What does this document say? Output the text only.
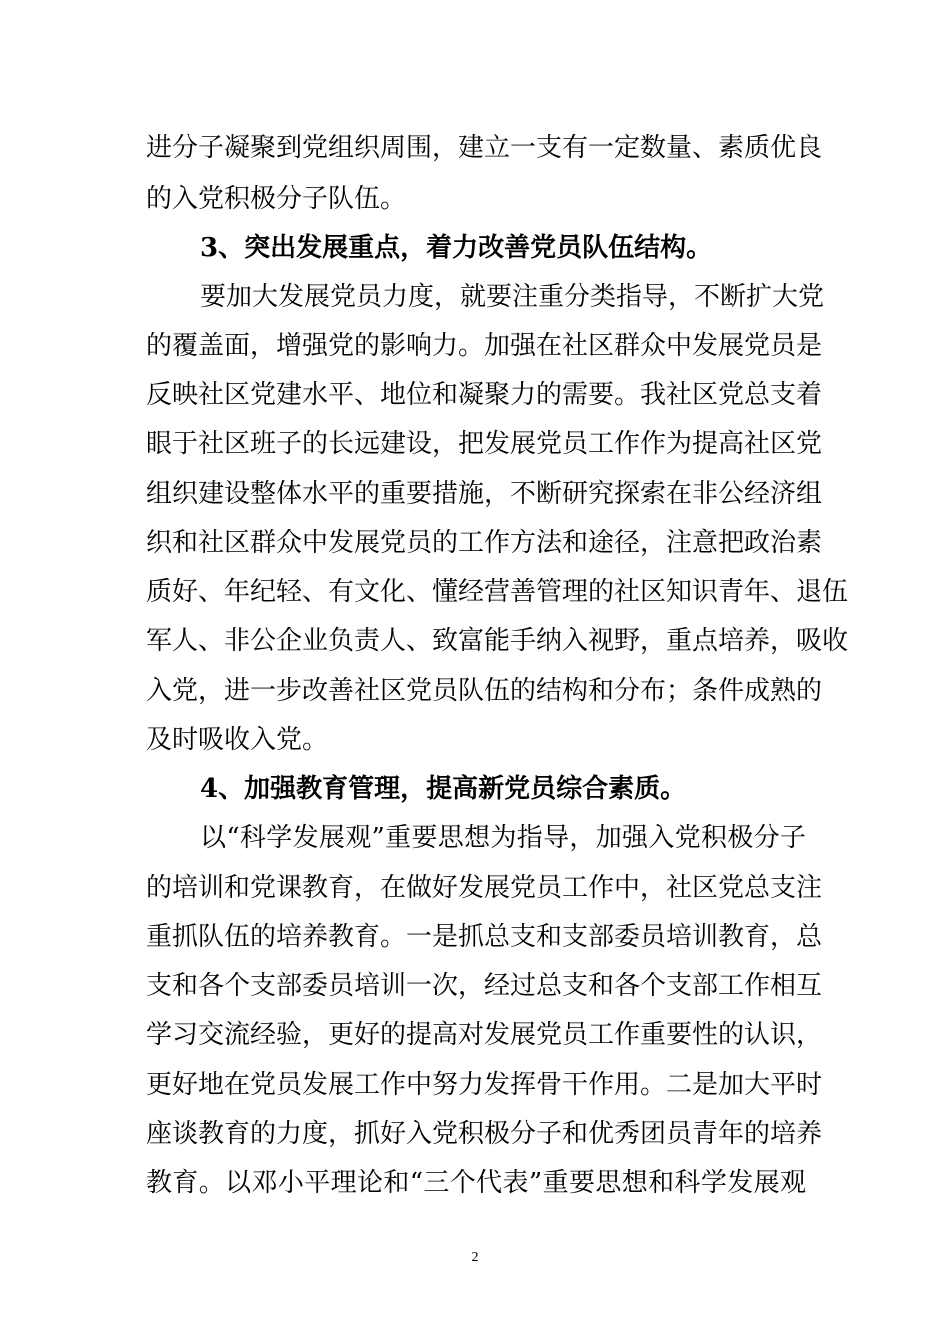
进分子凝聚到党组织周围，建立一支有一定数量、素质优良
的入党积极分子队伍。
3、突出发展重点，着力改善党员队伍结构。
要加大发展党员力度，就要注重分类指导，不断扩大党
的覆盖面，增强党的影响力。加强在社区群众中发展党员是
反映社区党建水平、地位和凝聚力的需要。我社区党总支着
眼于社区班子的长远建设，把发展党员工作作为提高社区党
组织建设整体水平的重要措施，不断研究探索在非公经济组
织和社区群众中发展党员的工作方法和途径，注意把政治素
质好、年纪轻、有文化、懂经营善管理的社区知识青年、退伍
军人、非公企业负责人、致富能手纳入视野，重点培养，吸收
入党，进一步改善社区党员队伍的结构和分布；条件成熟的
及时吸收入党。
4、加强教育管理，提高新党员综合素质。
以“科学发展观”重要思想为指导，加强入党积极分子
的培训和党课教育，在做好发展党员工作中，社区党总支注
重抓队伍的培养教育。一是抓总支和支部委员培训教育，总
支和各个支部委员培训一次，经过总支和各个支部工作相互
学习交流经验，更好的提高对发展党员工作重要性的认识，
更好地在党员发展工作中努力发挥骨干作用。二是加大平时
座谈教育的力度，抓好入党积极分子和优秀团员青年的培养
教育。以邓小平理论和“三个代表”重要思想和科学发展观
2
